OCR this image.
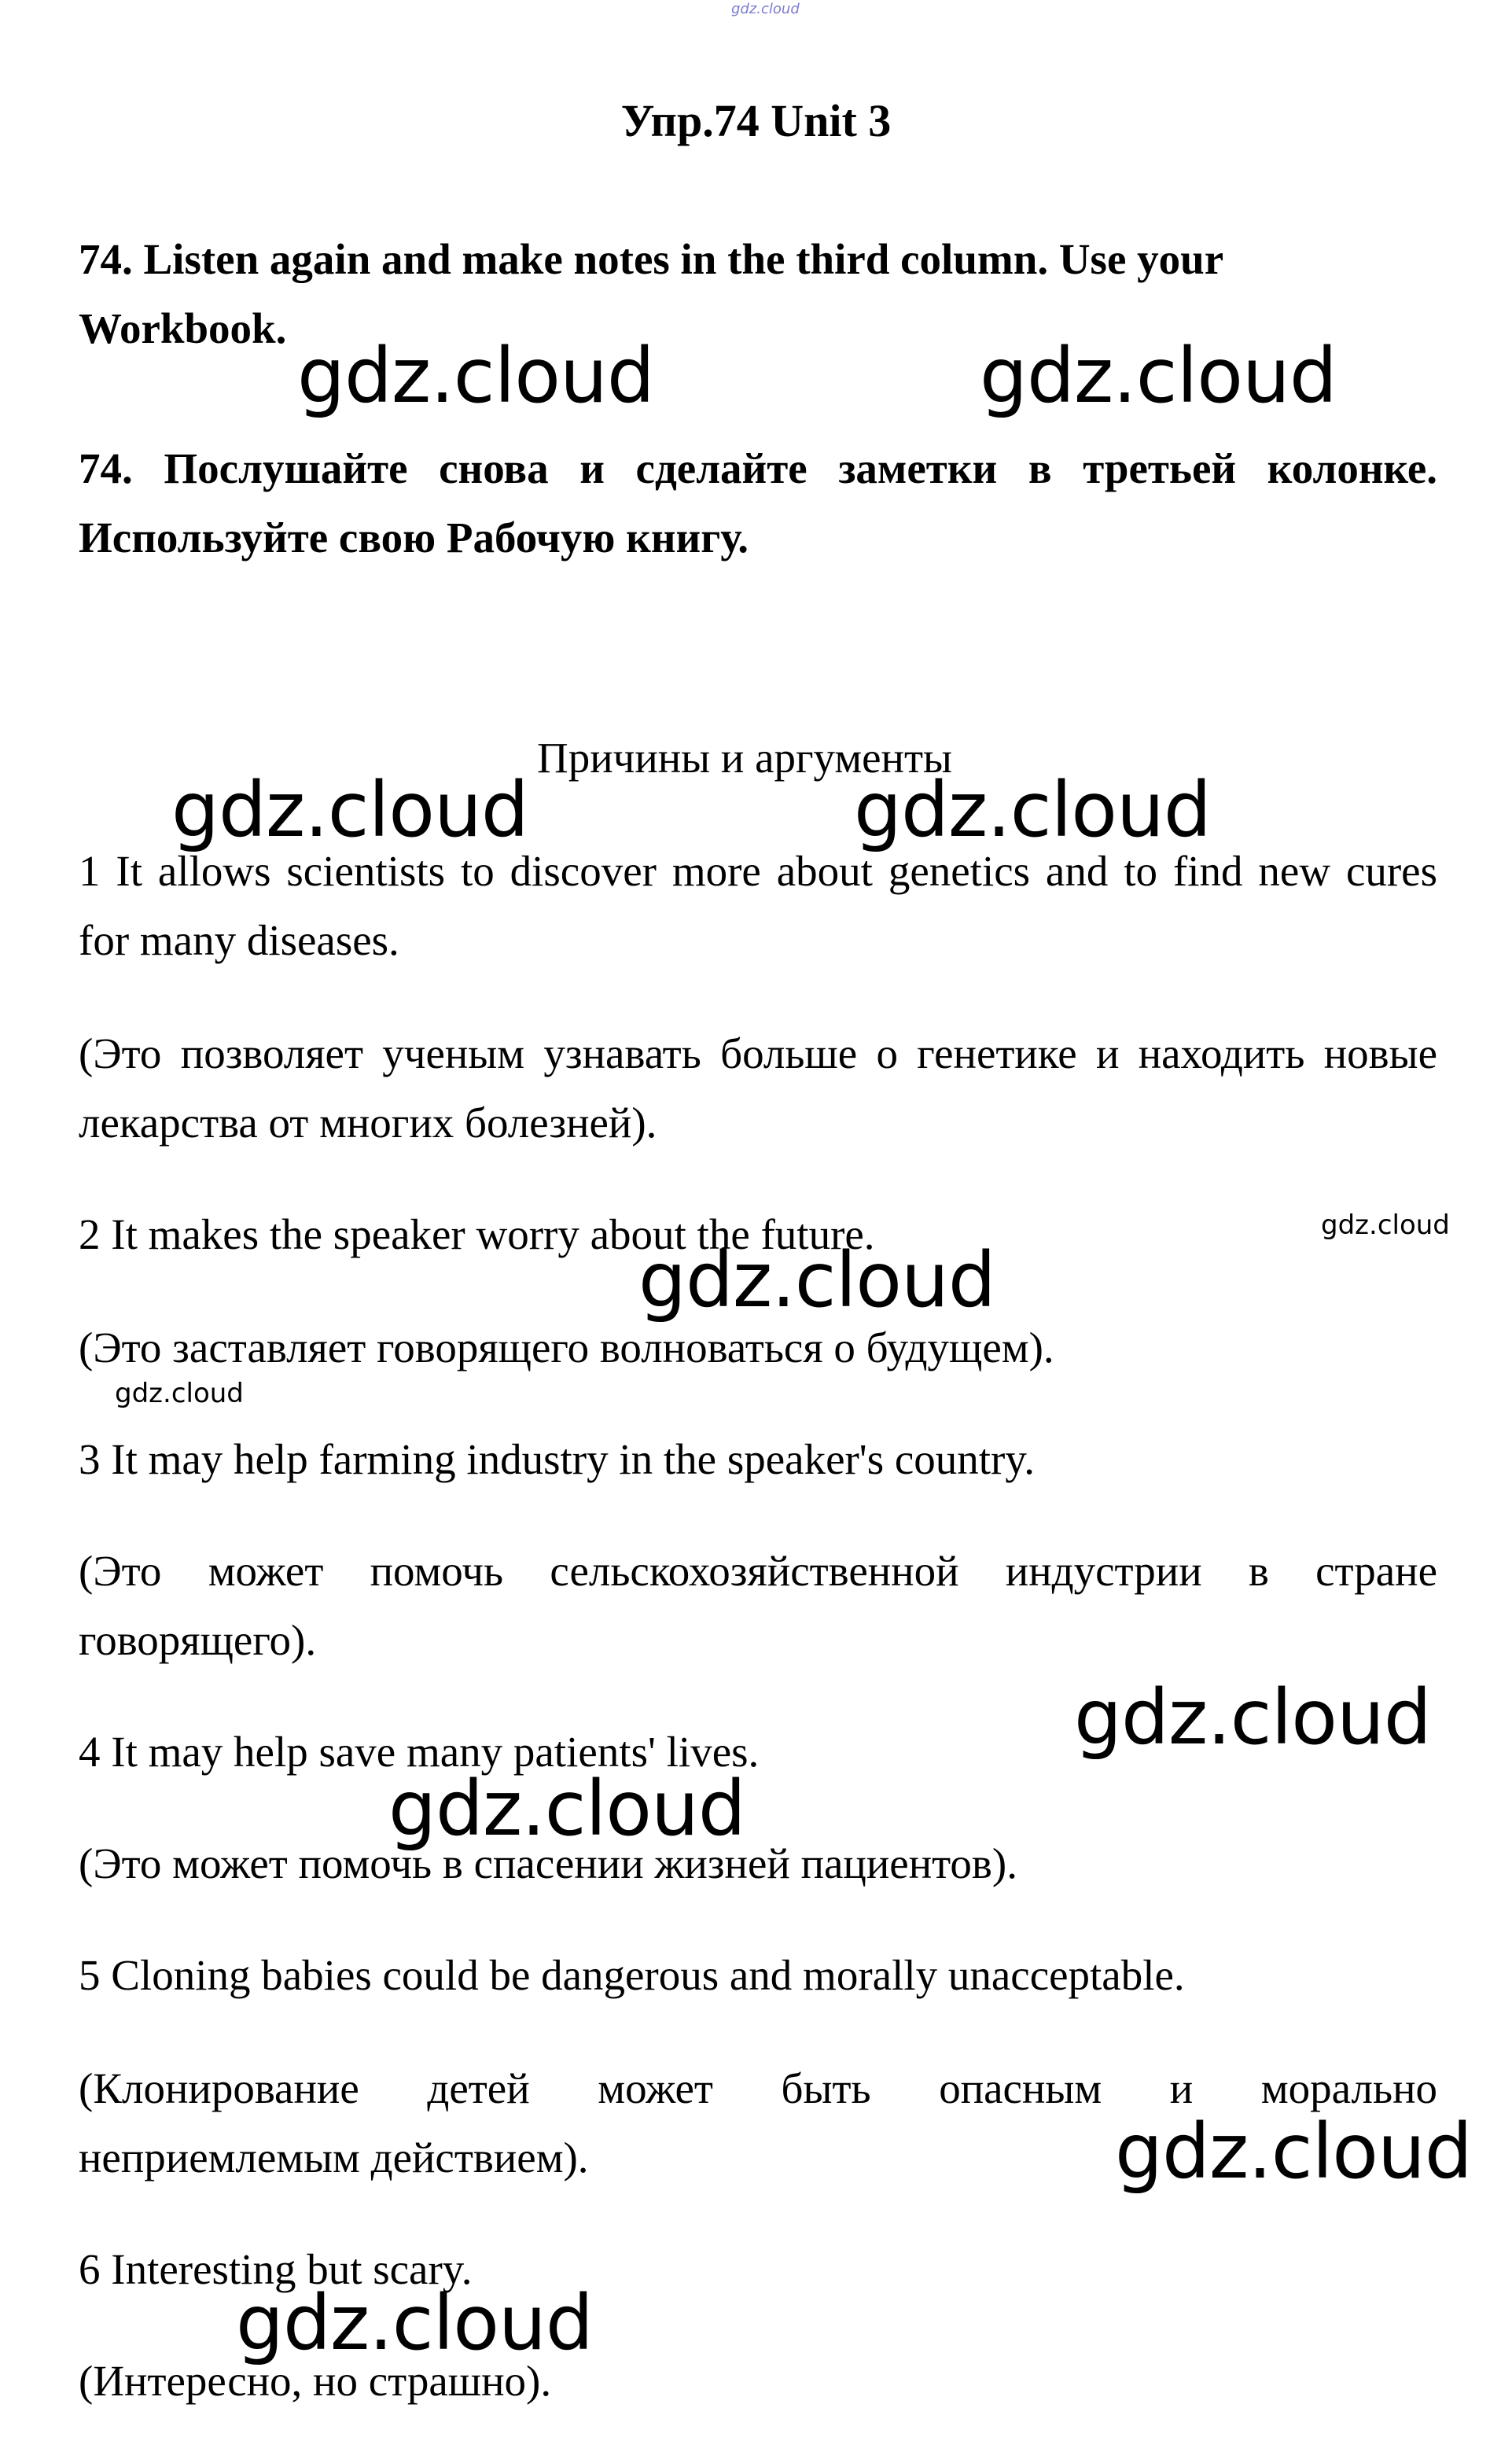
gdz.cloud
Упр.74 Unit 3
74. Listen again and make notes in the third column. Use your
Workbook.
74. Послушайте снова и сделайте заметки в третьей колонке.
Используйте свою Рабочую книгу.
Причины и аргументы
1 It allows scientists to discover more about genetics and to find new cures
for many diseases.
(Это позволяет ученым узнавать больше о генетике и находить новые
лекарства от многих болезней).
2 It makes the speaker worry about the future.
(Это заставляет говорящего волноваться о будущем).
3 It may help farming industry in the speaker's country.
(Это может помочь сельскохозяйственной индустрии в стране
говорящего).
4 It may help save many patients' lives.
(Это может помочь в спасении жизней пациентов).
5 Cloning babies could be dangerous and morally unacceptable.
(Клонирование детей может быть опасным и морально
неприемлемым действием).
6 Interesting but scary.
(Интересно, но страшно).
gdz.cloud	gdz.cloud
gdz.cloud	gdz.cloud
gdz.cloud
gdz.cloud
gdz.cloud
gdz.cloud
gdz.cloud
gdz.cloud
gdz.cloud
